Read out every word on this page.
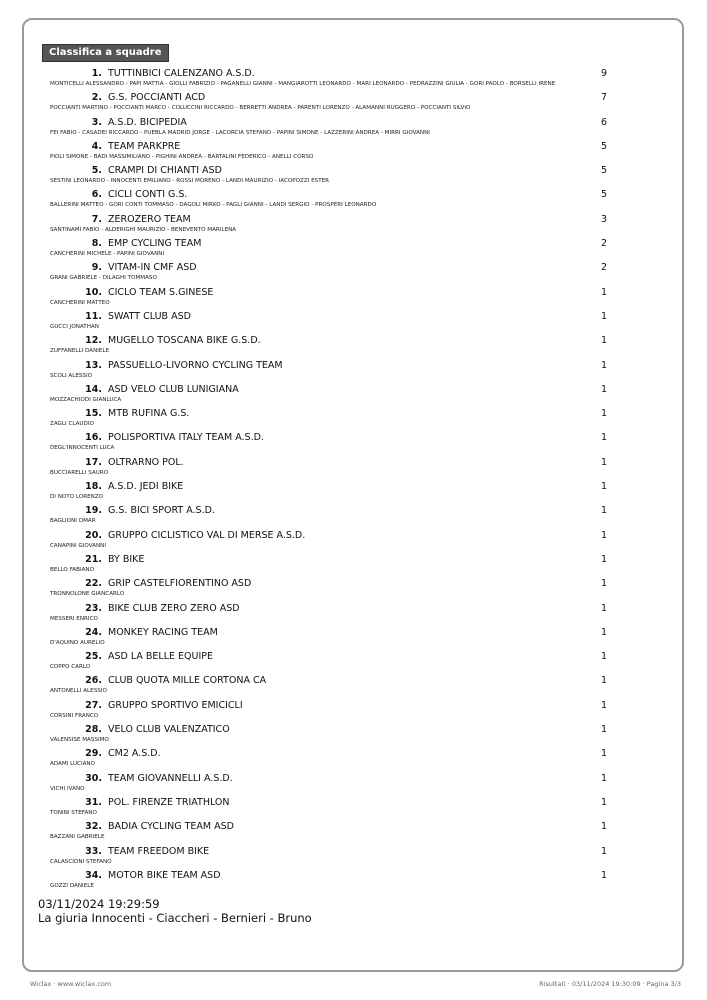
Classifica a squadre
1. TUTTINBICI CALENZANO A.S.D.	9
MONTICELLI ALESSANDRO - PAPI MATTIA - GIOLLI FABRIZIO - PAGANELLI GIANNI - MANGIAROTTI LEONARDO - MARI LEONARDO - PEDRAZZINI GIULIA - GORI PAOLO - BORSELLI IRENE
2. G.S. POCCIANTI ACD	7
POCCIANTI MARTINO - POCCIANTI MARCO - COLUCCINI RICCARDO - BERRETTI ANDREA - PARENTI LORENZO - ALAMANNI RUGGERO - POCCIANTI SILVIO
3. A.S.D. BICIPEDIA	6
FEI FABIO - CASADEI RICCARDO - PUEBLA MADRID JORGE - LACORCIA STEFANO - PAPINI SIMONE - LAZZERINI ANDREA - MIRRI GIOVANNI
4. TEAM PARKPRE	5
PIOLI SIMONE - BADI MASSIMILIANO - PIGHINI ANDREA - BARTALINI FEDERICO - ANELLI CORSO
5. CRAMPI DI CHIANTI ASD	5
SESTINI LEONARDO - INNOCENTI EMILIANO - ROSSI MORENO - LANDI MAURIZIO - IACOPOZZI ESTER
6. CICLI CONTI G.S.	5
BALLERINI MATTEO - GORI CONTI TOMMASO - DAGOLI MIRKO - PAGLI GIANNI - LANDI SERGIO - PROSPERI LEONARDO
7. ZEROZERO TEAM	3
SANTINAMI FABIO - ALDERIGHI MAURIZIO - BENEVENTO MARILENA
8. EMP CYCLING TEAM	2
CANCHERINI MICHELE - PAPINI GIOVANNI
9. VITAM-IN CMF ASD	2
GRANI GABRIELE - DILAGHI TOMMASO
10. CICLO TEAM S.GINESE	1
CANCHERINI MATTEO
11. SWATT CLUB ASD	1
GUCCI JONATHAN
12. MUGELLO TOSCANA BIKE G.S.D.	1
ZUFFANELLI DANIELE
13. PASSUELLO-LIVORNO CYCLING TEAM	1
SCOLI ALESSIO
14. ASD VELO CLUB LUNIGIANA	1
MOZZACHIODI GIANLUCA
15. MTB RUFINA G.S.	1
ZAGLI CLAUDIO
16. POLISPORTIVA ITALY TEAM A.S.D.	1
DEGL'INNOCENTI LUCA
17. OLTRARNO POL.	1
BUCCIARELLI SAURO
18. A.S.D. JEDI BIKE	1
DI NOTO LORENZO
19. G.S. BICI SPORT A.S.D.	1
BAGLIONI OMAR
20. GRUPPO CICLISTICO VAL DI MERSE A.S.D.	1
CANAPINI GIOVANNI
21. BY BIKE	1
BELLO FABIANO
22. GRIP CASTELFIORENTINO ASD	1
TRONNOLONE GIANCARLO
23. BIKE CLUB ZERO ZERO ASD	1
MESSERI ENRICO
24. MONKEY RACING TEAM	1
D'AQUINO AURELIO
25. ASD LA BELLE EQUIPE	1
COPPO CARLO
26. CLUB QUOTA MILLE CORTONA CA	1
ANTONELLI ALESSIO
27. GRUPPO SPORTIVO EMICICLI	1
CORSINI FRANCO
28. VELO CLUB VALENZATICO	1
VALENSISE MASSIMO
29. CM2 A.S.D.	1
ADAMI LUCIANO
30. TEAM GIOVANNELLI A.S.D.	1
VICHI IVANO
31. POL. FIRENZE TRIATHLON	1
TONINI STEFANO
32. BADIA CYCLING TEAM ASD	1
BAZZANI GABRIELE
33. TEAM FREEDOM BIKE	1
CALASCIONI STEFANO
34. MOTOR BIKE TEAM ASD	1
GOZZI DANIELE
03/11/2024 19:29:59
La giuria Innocenti - Ciaccheri - Bernieri - Bruno
Wiclax · www.wiclax.com	Risultati · 03/11/2024 19:30:09 · Pagina 3/3
